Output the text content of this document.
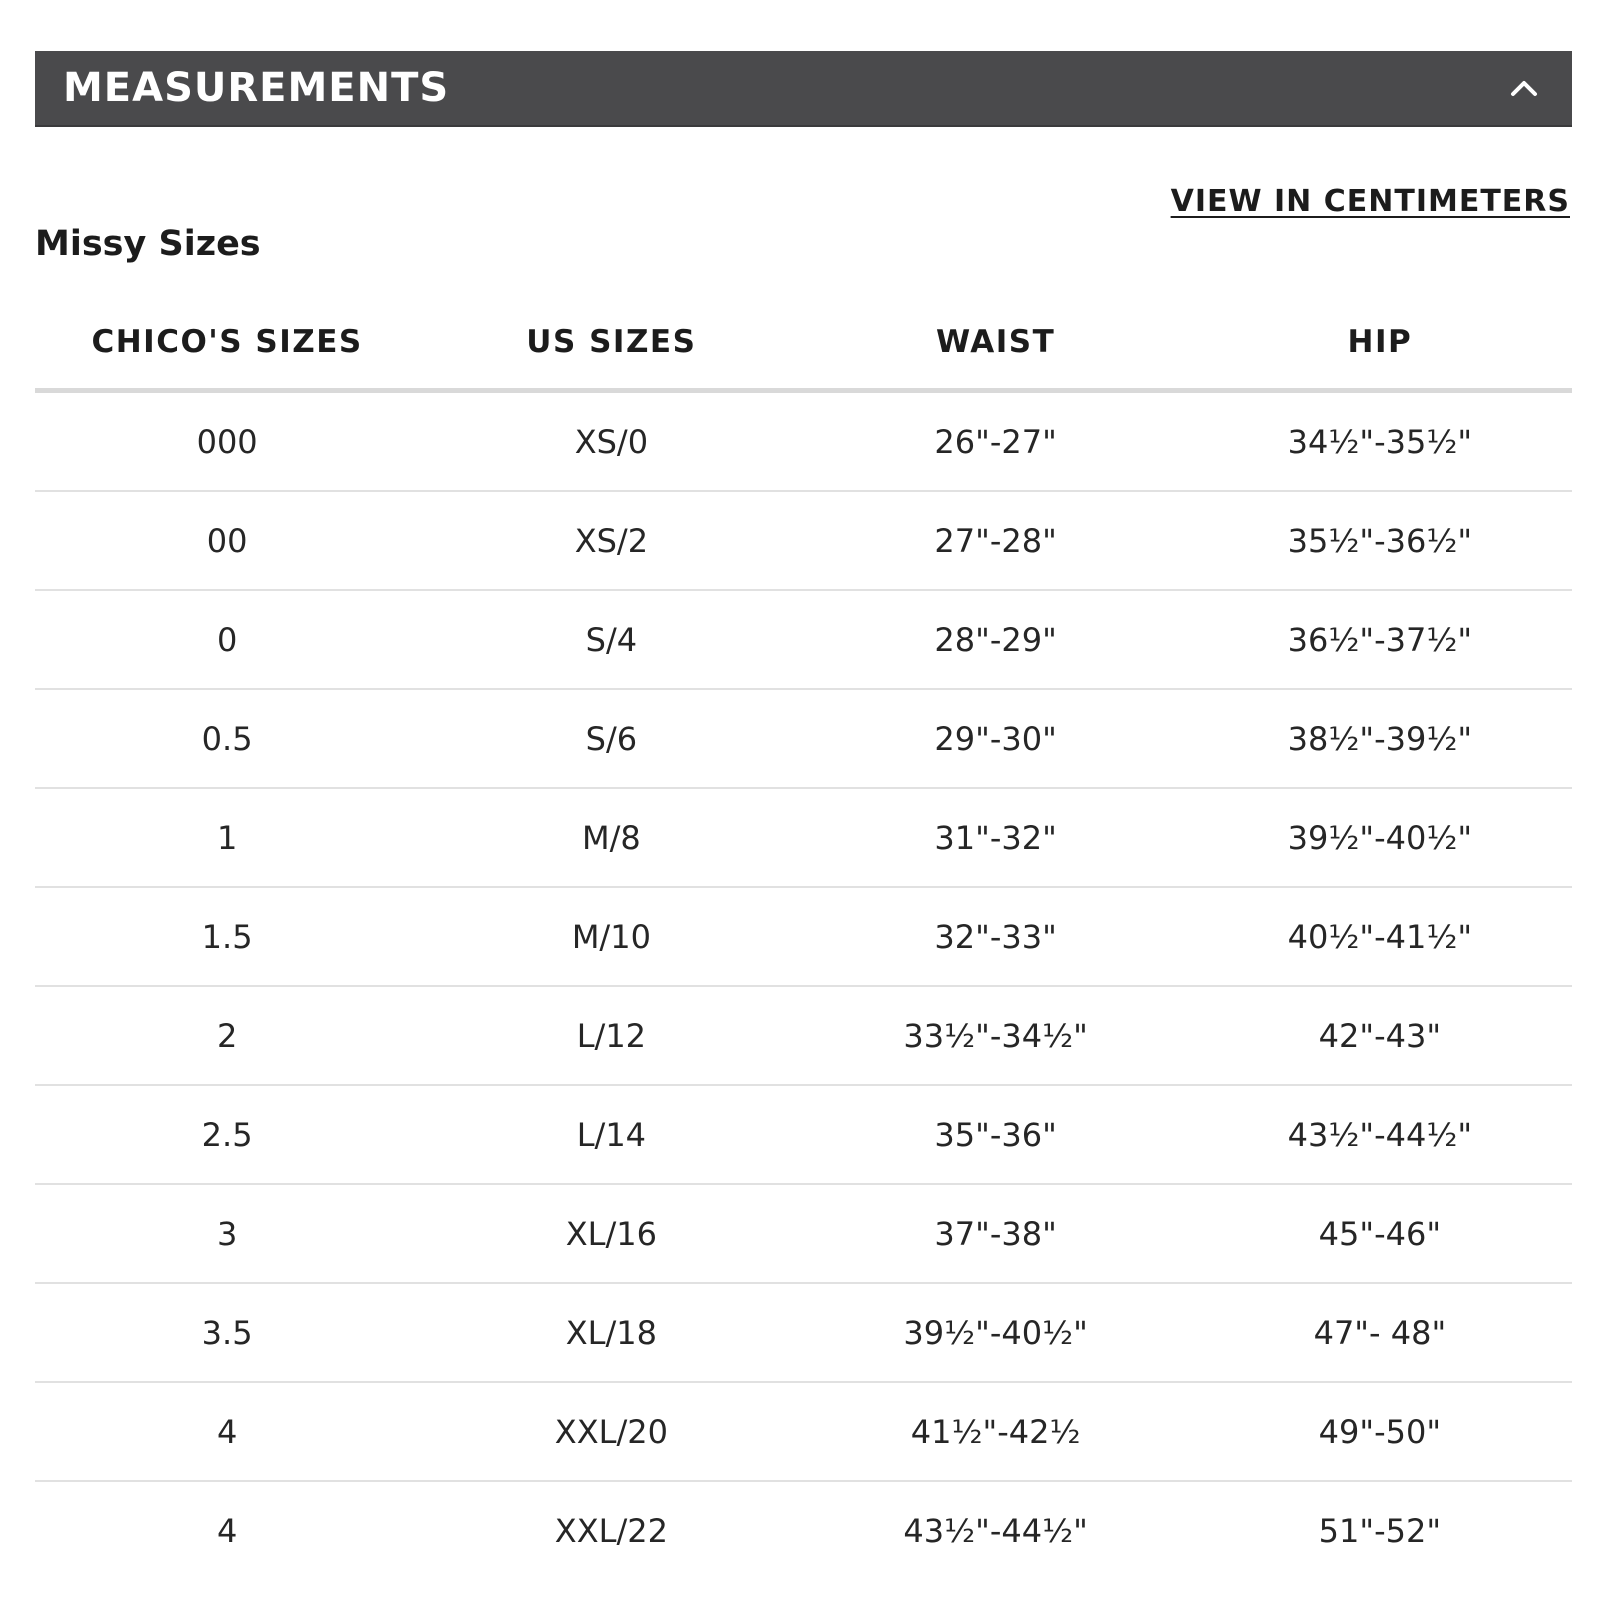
MEASUREMENTS
VIEW IN CENTIMETERS
Missy Sizes
CHICO'S SIZES	US SIZES	WAIST	HIP
000	XS/0	26"-27"	34½"-35½"
00	XS/2	27"-28"	35½"-36½"
0	S/4	28"-29"	36½"-37½"
0.5	S/6	29"-30"	38½"-39½"
1	M/8	31"-32"	39½"-40½"
1.5	M/10	32"-33"	40½"-41½"
2	L/12	33½"-34½"	42"-43"
2.5	L/14	35"-36"	43½"-44½"
3	XL/16	37"-38"	45"-46"
3.5	XL/18	39½"-40½"	47"- 48"
4	XXL/20	41½"-42½	49"-50"
4	XXL/22	43½"-44½"	51"-52"
